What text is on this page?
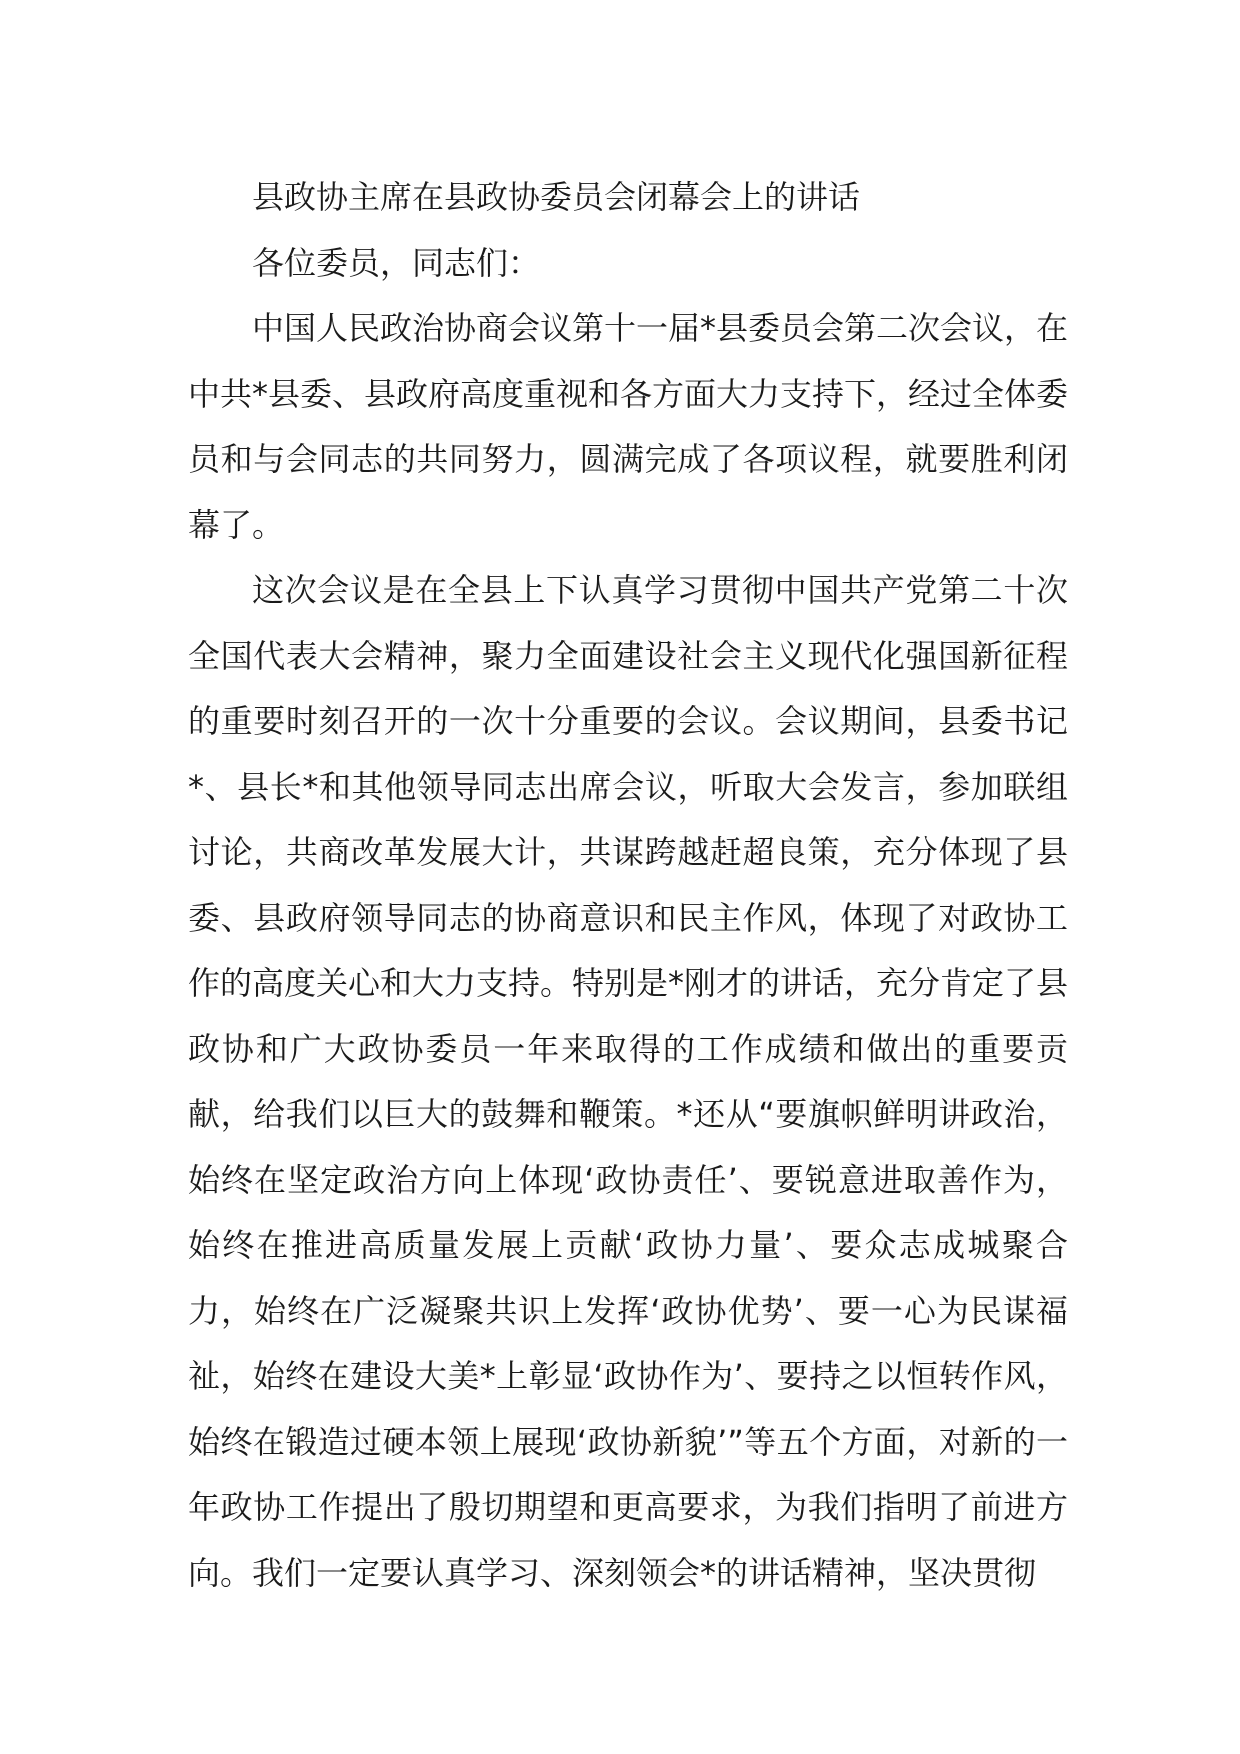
县政协主席在县政协委员会闭幕会上的讲话

各位委员，同志们：

中国人民政治协商会议第十一届*县委员会第二次会议，在中共*县委、县政府高度重视和各方面大力支持下，经过全体委员和与会同志的共同努力，圆满完成了各项议程，就要胜利闭幕了。

这次会议是在全县上下认真学习贯彻中国共产党第二十次全国代表大会精神，聚力全面建设社会主义现代化强国新征程的重要时刻召开的一次十分重要的会议。会议期间，县委书记*、县长*和其他领导同志出席会议，听取大会发言，参加联组讨论，共商改革发展大计，共谋跨越赶超良策，充分体现了县委、县政府领导同志的协商意识和民主作风，体现了对政协工作的高度关心和大力支持。特别是*刚才的讲话，充分肯定了县政协和广大政协委员一年来取得的工作成绩和做出的重要贡献，给我们以巨大的鼓舞和鞭策。*还从“要旗帜鲜明讲政治，始终在坚定政治方向上体现‘政协责任’、要锐意进取善作为，始终在推进高质量发展上贡献‘政协力量’、要众志成城聚合力，始终在广泛凝聚共识上发挥‘政协优势’、要一心为民谋福祉，始终在建设大美*上彰显‘政协作为’、要持之以恒转作风，始终在锻造过硬本领上展现‘政协新貌’”等五个方面，对新的一年政协工作提出了殷切期望和更高要求，为我们指明了前进方向。我们一定要认真学习、深刻领会*的讲话精神，坚决贯彻
